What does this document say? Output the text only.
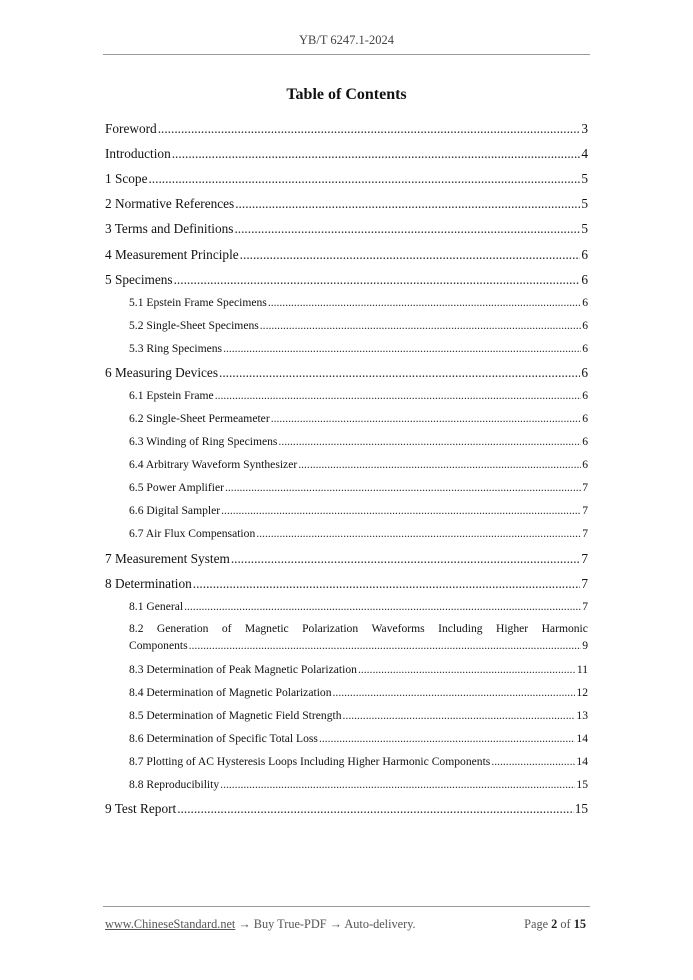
YB/T 6247.1-2024
Table of Contents
Foreword .....	3
Introduction .....	4
1 Scope .....	5
2 Normative References .....	5
3 Terms and Definitions .....	5
4 Measurement Principle .....	6
5 Specimens .....	6
5.1 Epstein Frame Specimens .....	6
5.2 Single-Sheet Specimens .....	6
5.3 Ring Specimens .....	6
6 Measuring Devices .....	6
6.1 Epstein Frame .....	6
6.2 Single-Sheet Permeameter .....	6
6.3 Winding of Ring Specimens .....	6
6.4 Arbitrary Waveform Synthesizer .....	6
6.5 Power Amplifier .....	7
6.6 Digital Sampler .....	7
6.7 Air Flux Compensation .....	7
7 Measurement System .....	7
8 Determination .....	7
8.1 General .....	7
8.2 Generation of Magnetic Polarization Waveforms Including Higher Harmonic
Components .....	9
8.3 Determination of Peak Magnetic Polarization .....	11
8.4 Determination of Magnetic Polarization .....	12
8.5 Determination of Magnetic Field Strength .....	13
8.6 Determination of Specific Total Loss .....	14
8.7 Plotting of AC Hysteresis Loops Including Higher Harmonic Components .....	14
8.8 Reproducibility .....	15
9 Test Report .....	15
www.ChineseStandard.net → Buy True-PDF → Auto-delivery.	Page 2 of 15
